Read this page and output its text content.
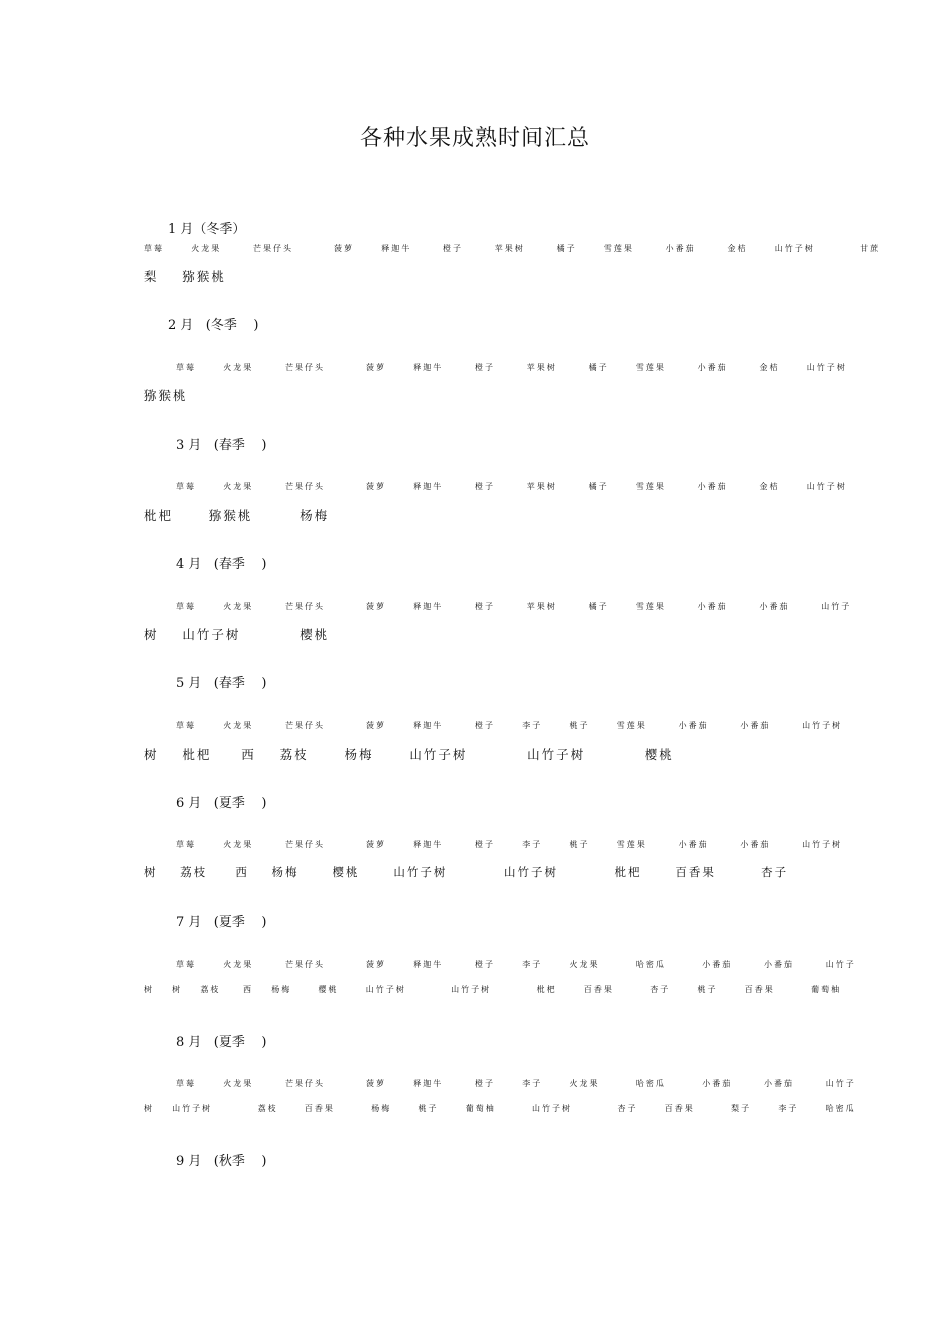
各种水果成熟时间汇总
1 月（冬季）
草莓      火龙果       芒果仔头         菠萝      释迦牛       橙子       苹果树       橘子      雪莲果       小番茄       金桔      山竹子树          甘蔗
梨    猕猴桃
2 月   (冬季    )
草莓      火龙果       芒果仔头         菠萝      释迦牛       橙子       苹果树       橘子      雪莲果       小番茄       金桔      山竹子树
猕猴桃
3 月   (春季    )
草莓      火龙果       芒果仔头         菠萝      释迦牛       橙子       苹果树       橘子      雪莲果       小番茄       金桔      山竹子树
枇杷      猕猴桃        杨梅
4 月   (春季    )
草莓      火龙果       芒果仔头         菠萝      释迦牛       橙子       苹果树       橘子      雪莲果       小番茄       小番茄       山竹子
树    山竹子树          樱桃
5 月   (春季    )
草莓      火龙果       芒果仔头         菠萝      释迦牛       橙子      李子      桃子      雪莲果       小番茄       小番茄       山竹子树
树    枇杷     西    荔枝      杨梅      山竹子树          山竹子树          樱桃
6 月   (夏季    )
草莓      火龙果       芒果仔头         菠萝      释迦牛       橙子      李子      桃子      雪莲果       小番茄       小番茄       山竹子树
树    荔枝     西    杨梅      樱桃      山竹子树          山竹子树          枇杷      百香果        杏子
7 月   (夏季    )
草莓      火龙果       芒果仔头         菠萝      释迦牛       橙子      李子      火龙果        哈密瓜        小番茄       小番茄       山竹子
树    树    荔枝     西    杨梅      樱桃      山竹子树          山竹子树          枇杷      百香果        杏子      桃子      百香果        葡萄柚
8 月   (夏季    )
草莓      火龙果       芒果仔头         菠萝      释迦牛       橙子      李子      火龙果        哈密瓜        小番茄       小番茄       山竹子
树    山竹子树          荔枝      百香果        杨梅      桃子      葡萄柚        山竹子树          杏子      百香果        梨子      李子      哈密瓜
9 月   (秋季    )
